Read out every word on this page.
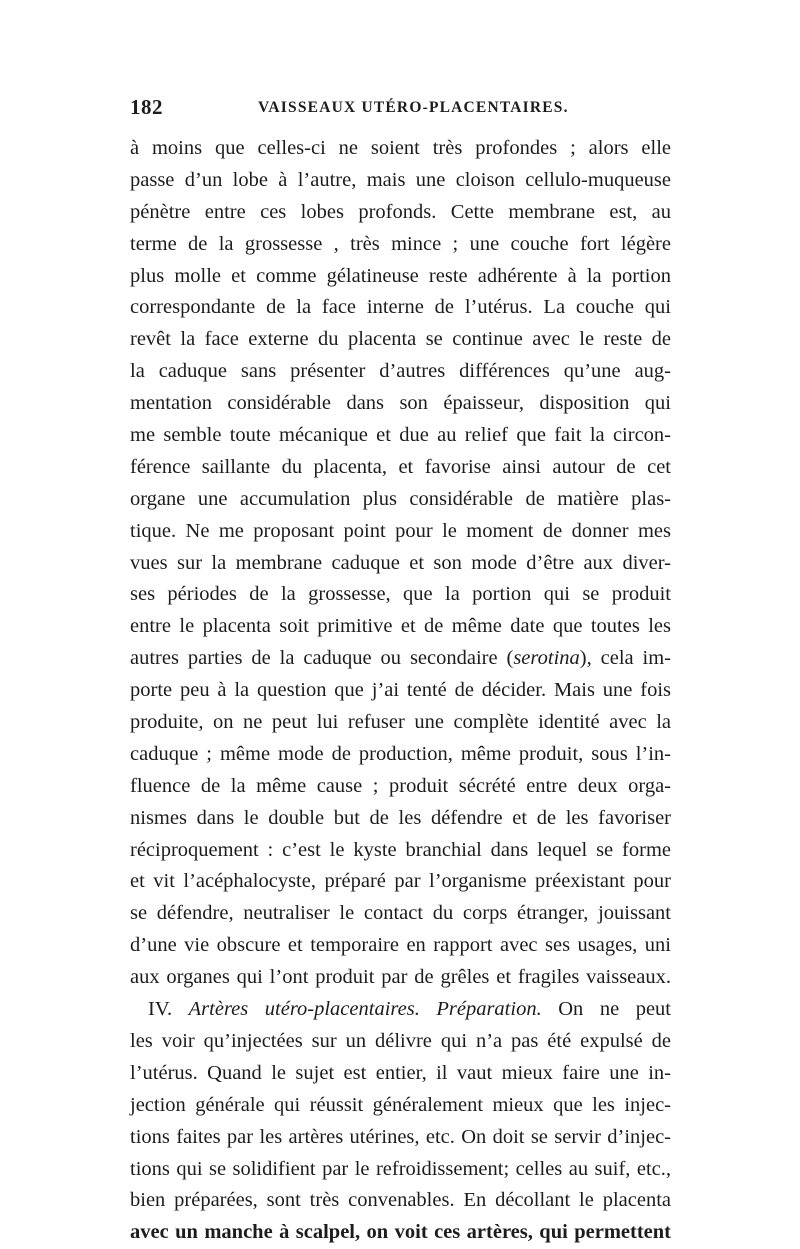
182	VAISSEAUX UTÉRO-PLACENTAIRES.
à moins que celles-ci ne soient très profondes ; alors elle
passe d’un lobe à l’autre, mais une cloison cellulo-muqueuse
pénètre entre ces lobes profonds. Cette membrane est, au
terme de la grossesse , très mince ; une couche fort légère
plus molle et comme gélatineuse reste adhérente à la portion
correspondante de la face interne de l’utérus. La couche qui
revêt la face externe du placenta se continue avec le reste de
la caduque sans présenter d’autres différences qu’une aug-
mentation considérable dans son épaisseur, disposition qui
me semble toute mécanique et due au relief que fait la circon-
férence saillante du placenta, et favorise ainsi autour de cet
organe une accumulation plus considérable de matière plas-
tique. Ne me proposant point pour le moment de donner mes
vues sur la membrane caduque et son mode d’être aux diver-
ses périodes de la grossesse, que la portion qui se produit
entre le placenta soit primitive et de même date que toutes les
autres parties de la caduque ou secondaire (serotina), cela im-
porte peu à la question que j’ai tenté de décider. Mais une fois
produite, on ne peut lui refuser une complète identité avec la
caduque ; même mode de production, même produit, sous l’in-
fluence de la même cause ; produit sécrété entre deux orga-
nismes dans le double but de les défendre et de les favoriser
réciproquement : c’est le kyste branchial dans lequel se forme
et vit l’acéphalocyste, préparé par l’organisme préexistant pour
se défendre, neutraliser le contact du corps étranger, jouissant
d’une vie obscure et temporaire en rapport avec ses usages, uni
aux organes qui l’ont produit par de grêles et fragiles vaisseaux.
IV. Artères utéro-placentaires. Préparation. On ne peut
les voir qu’injectées sur un délivre qui n’a pas été expulsé de
l’utérus. Quand le sujet est entier, il vaut mieux faire une in-
jection générale qui réussit généralement mieux que les injec-
tions faites par les artères utérines, etc. On doit se servir d’injec-
tions qui se solidifient par le refroidissement; celles au suif, etc.,
bien préparées, sont très convenables. En décollant le placenta
avec un manche à scalpel, on voit ces artères, qui permettent
